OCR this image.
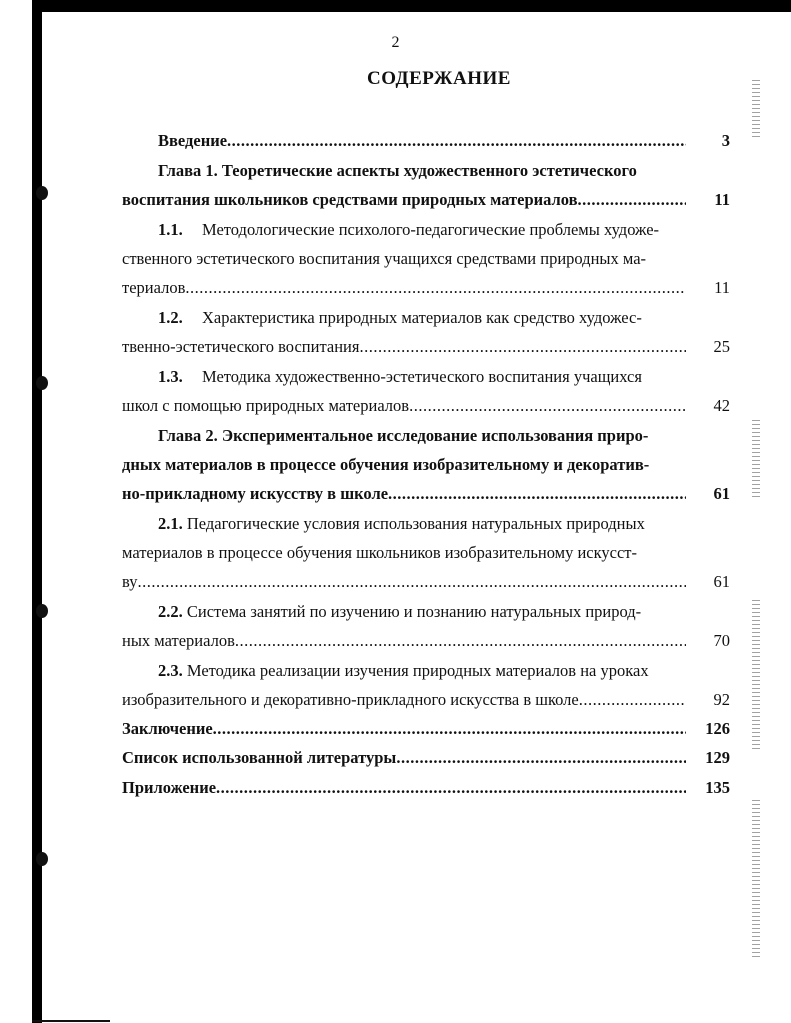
2
СОДЕРЖАНИЕ
Введение .....	3
Глава 1. Теоретические аспекты художественного эстетического
воспитания школьников средствами природных материалов .....	11
1.1. Методологические психолого-педагогические проблемы художе-
ственного эстетического воспитания учащихся средствами природных ма-
териалов .....	11
1.2. Характеристика природных материалов как средство художес-
твенно-эстетического воспитания .....	25
1.3. Методика художественно-эстетического воспитания учащихся
школ с помощью природных материалов .....	42
Глава 2. Экспериментальное исследование использования приро-
дных материалов в процессе обучения изобразительному и декоратив-
но-прикладному искусству в школе .....	61
2.1. Педагогические условия использования натуральных природных
материалов в процессе обучения школьников изобразительному искусст-
ву .....	61
2.2. Система занятий по изучению и познанию натуральных природ-
ных материалов .....	70
2.3. Методика реализации изучения природных материалов на уроках
изобразительного и декоративно-прикладного искусства в школе .....	92
Заключение .....	126
Список использованной литературы .....	129
Приложение .....	135
